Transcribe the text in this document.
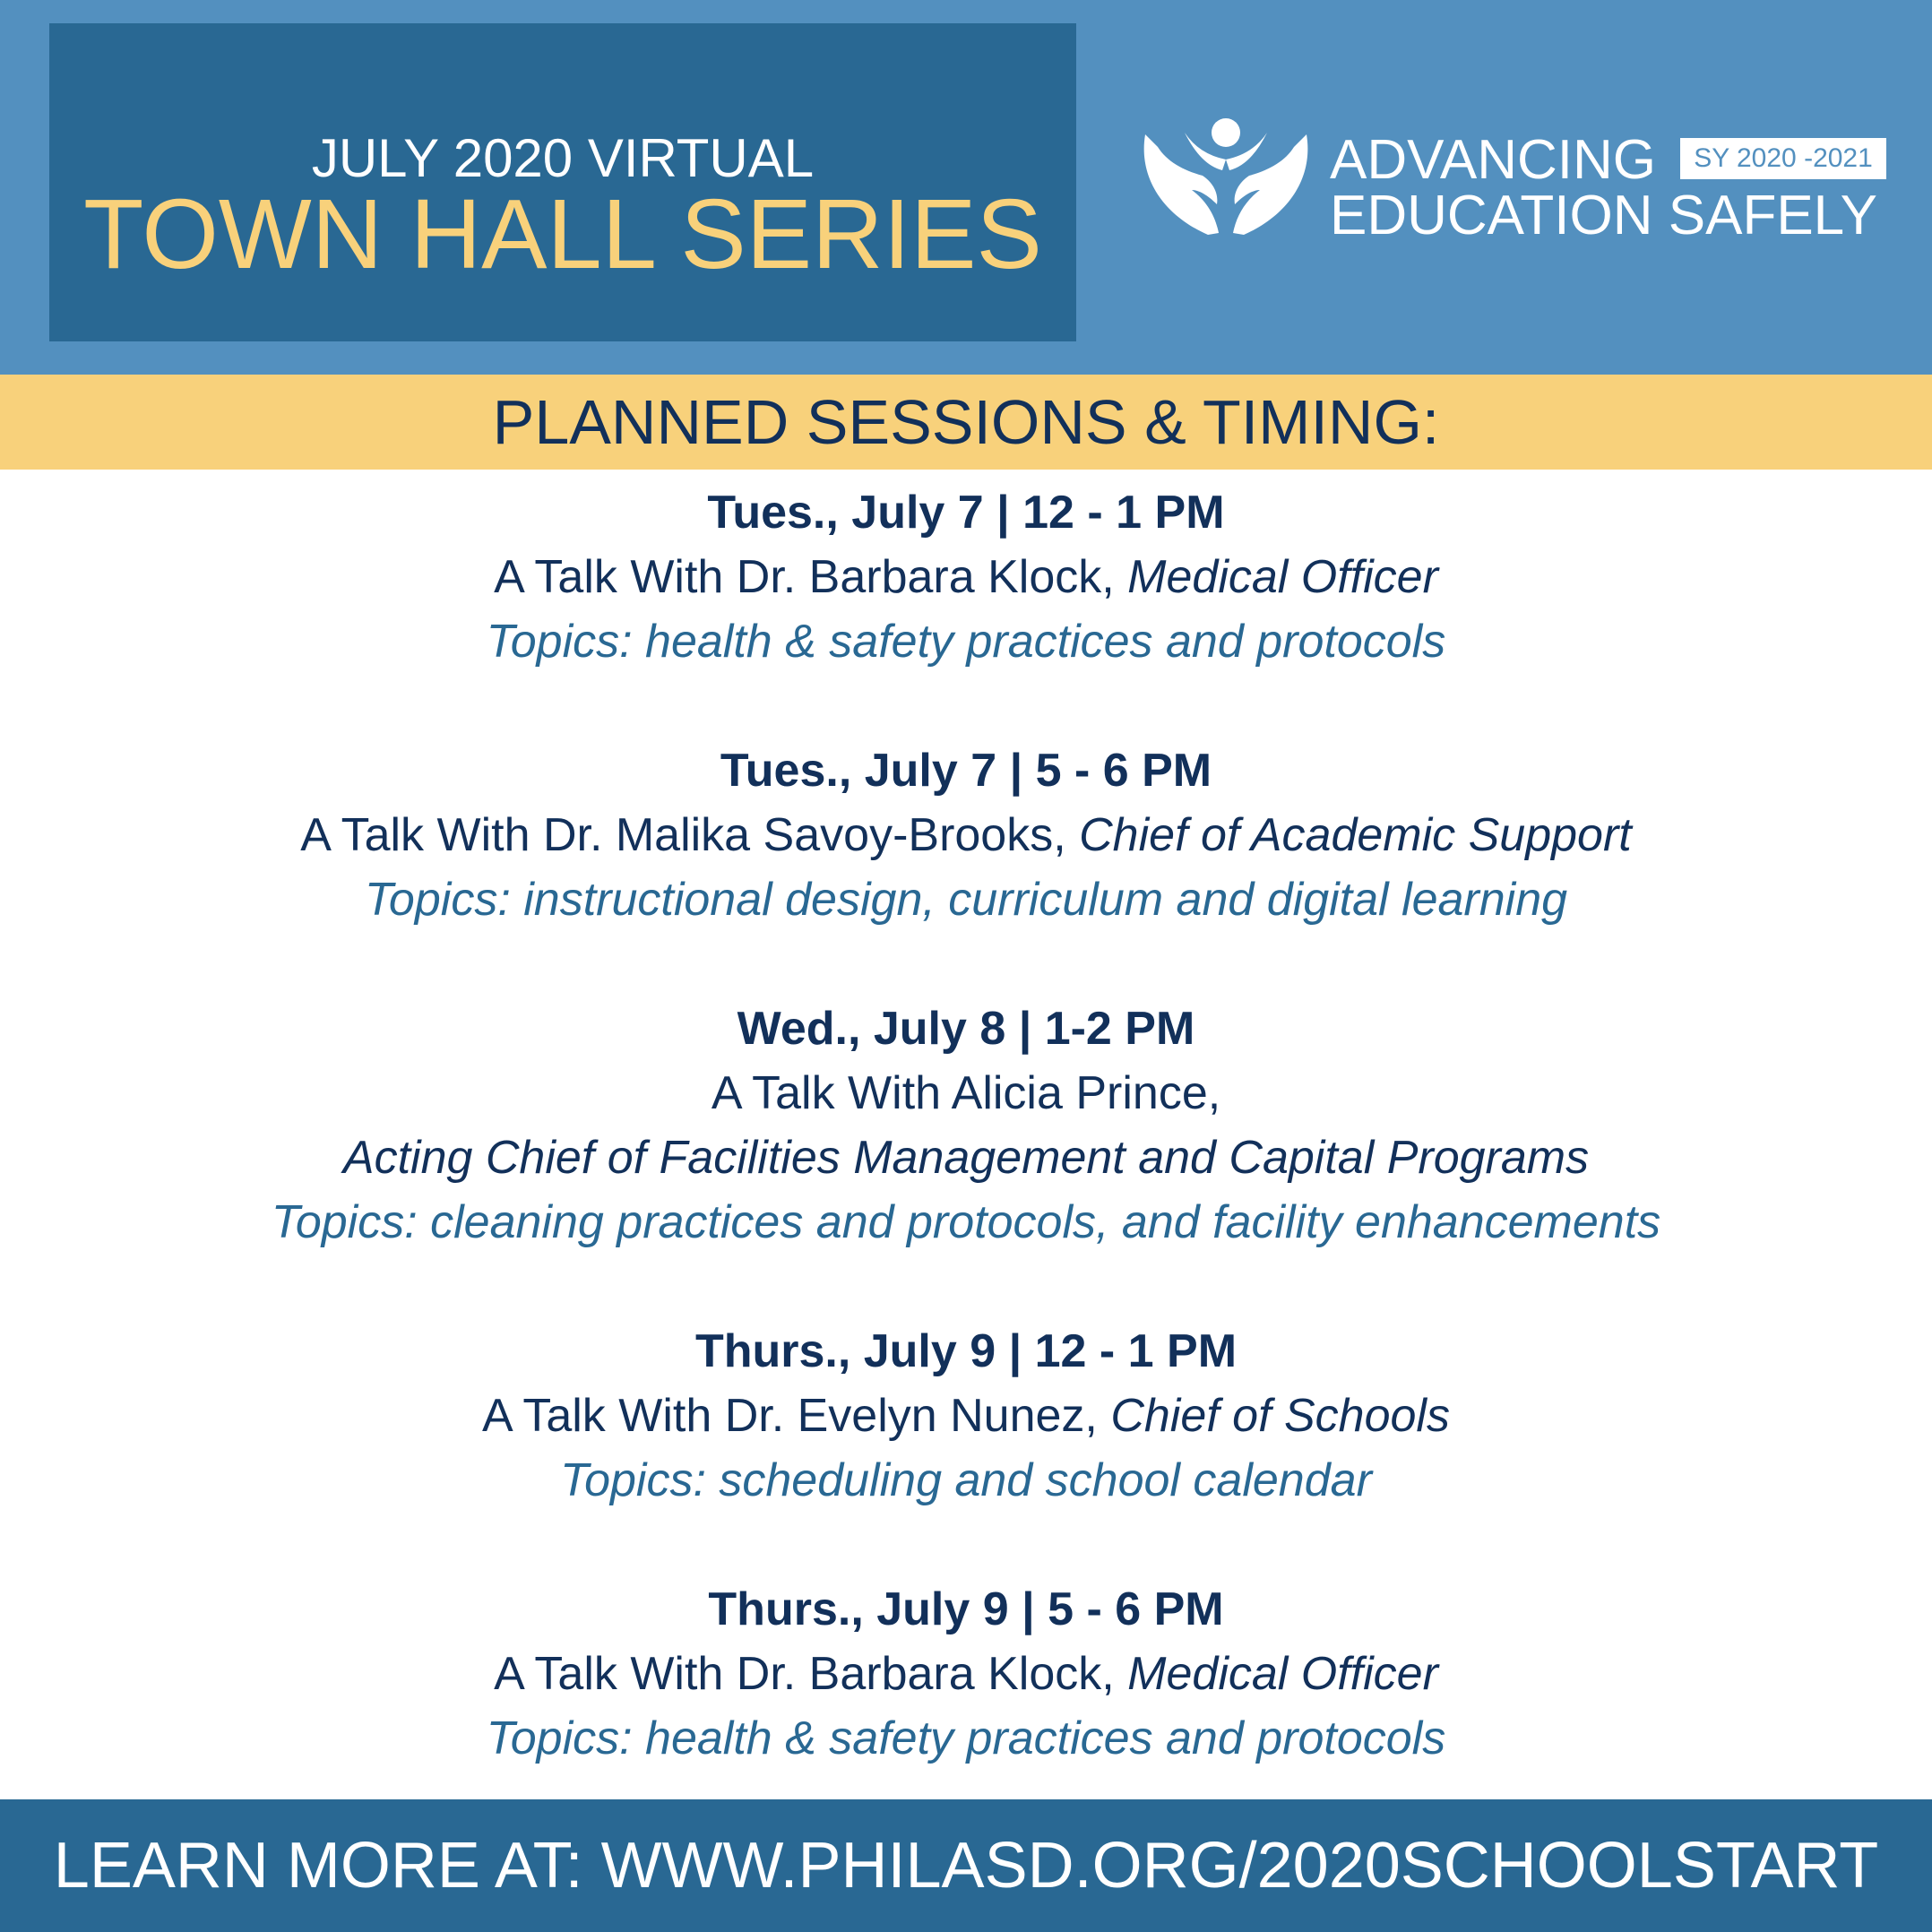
JULY 2020 VIRTUAL
TOWN HALL SERIES
ADVANCING	SY 2020 -2021
EDUCATION SAFELY
PLANNED SESSIONS & TIMING:
Tues., July 7 | 12 - 1 PM
A Talk With Dr. Barbara Klock, Medical Officer
Topics: health & safety practices and protocols
Tues., July 7 | 5 - 6 PM
A Talk With Dr. Malika Savoy-Brooks, Chief of Academic Support
Topics: instructional design, curriculum and digital learning
Wed., July 8 | 1-2 PM
A Talk With Alicia Prince,
Acting Chief of Facilities Management and Capital Programs
Topics: cleaning practices and protocols, and facility enhancements
Thurs., July 9 | 12 - 1 PM
A Talk With Dr. Evelyn Nunez, Chief of Schools
Topics: scheduling and school calendar
Thurs., July 9 | 5 - 6 PM
A Talk With Dr. Barbara Klock, Medical Officer
Topics: health & safety practices and protocols
LEARN MORE AT: WWW.PHILASD.ORG/2020SCHOOLSTART
